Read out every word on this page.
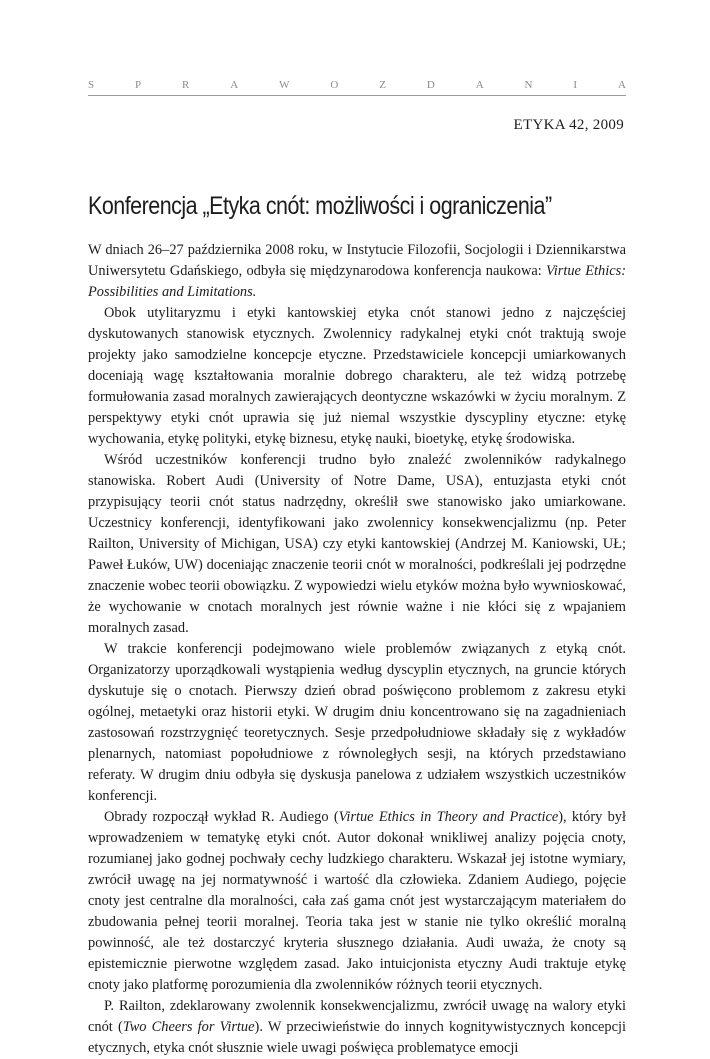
S	P	R	A	W	O	Z	D	A	N	I	A
ETYKA 42, 2009
Konferencja „Etyka cnót: możliwości i ograniczenia”

W dniach 26–27 października 2008 roku, w Instytucie Filozofii, Socjologii i Dziennikarstwa Uniwersytetu Gdańskiego, odbyła się międzynarodowa konferencja naukowa: Virtue Ethics: Possibilities and Limitations.

Obok utylitaryzmu i etyki kantowskiej etyka cnót stanowi jedno z najczęściej dyskutowanych stanowisk etycznych. Zwolennicy radykalnej etyki cnót traktują swoje projekty jako samodzielne koncepcje etyczne. Przedstawiciele koncepcji umiarkowanych doceniają wagę kształtowania moralnie dobrego charakteru, ale też widzą potrzebę formułowania zasad moralnych zawierających deontyczne wskazówki w życiu moralnym. Z perspektywy etyki cnót uprawia się już niemal wszystkie dyscypliny etyczne: etykę wychowania, etykę polityki, etykę biznesu, etykę nauki, bioetykę, etykę środowiska.

Wśród uczestników konferencji trudno było znaleźć zwolenników radykalnego stanowiska. Robert Audi (University of Notre Dame, USA), entuzjasta etyki cnót przypisujący teorii cnót status nadrzędny, określił swe stanowisko jako umiarkowane. Uczestnicy konferencji, identyfikowani jako zwolennicy konsekwencjalizmu (np. Peter Railton, University of Michigan, USA) czy etyki kantowskiej (Andrzej M. Kaniowski, UŁ; Paweł Łuków, UW) doceniając znaczenie teorii cnót w moralności, podkreślali jej podrzędne znaczenie wobec teorii obowiązku. Z wypowiedzi wielu etyków można było wywnioskować, że wychowanie w cnotach moralnych jest równie ważne i nie kłóci się z wpajaniem moralnych zasad.

W trakcie konferencji podejmowano wiele problemów związanych z etyką cnót. Organizatorzy uporządkowali wystąpienia według dyscyplin etycznych, na gruncie których dyskutuje się o cnotach. Pierwszy dzień obrad poświęcono problemom z zakresu etyki ogólnej, metaetyki oraz historii etyki. W drugim dniu koncentrowano się na zagadnieniach zastosowań rozstrzygnięć teoretycznych. Sesje przedpołudniowe składały się z wykładów plenarnych, natomiast popołudniowe z równoległych sesji, na których przedstawiano referaty. W drugim dniu odbyła się dyskusja panelowa z udziałem wszystkich uczestników konferencji.

Obrady rozpoczął wykład R. Audiego (Virtue Ethics in Theory and Practice), który był wprowadzeniem w tematykę etyki cnót. Autor dokonał wnikliwej analizy pojęcia cnoty, rozumianej jako godnej pochwały cechy ludzkiego charakteru. Wskazał jej istotne wymiary, zwrócił uwagę na jej normatywność i wartość dla człowieka. Zdaniem Audiego, pojęcie cnoty jest centralne dla moralności, cała zaś gama cnót jest wystarczającym materiałem do zbudowania pełnej teorii moralnej. Teoria taka jest w stanie nie tylko określić moralną powinność, ale też dostarczyć kryteria słusznego działania. Audi uważa, że cnoty są epistemicznie pierwotne względem zasad. Jako intuicjonista etyczny Audi traktuje etykę cnoty jako platformę porozumienia dla zwolenników różnych teorii etycznych.

P. Railton, zdeklarowany zwolennik konsekwencjalizmu, zwrócił uwagę na walory etyki cnót (Two Cheers for Virtue). W przeciwieństwie do innych kognitywistycznych koncepcji etycznych, etyka cnót słusznie wiele uwagi poświęca problematyce emocji
